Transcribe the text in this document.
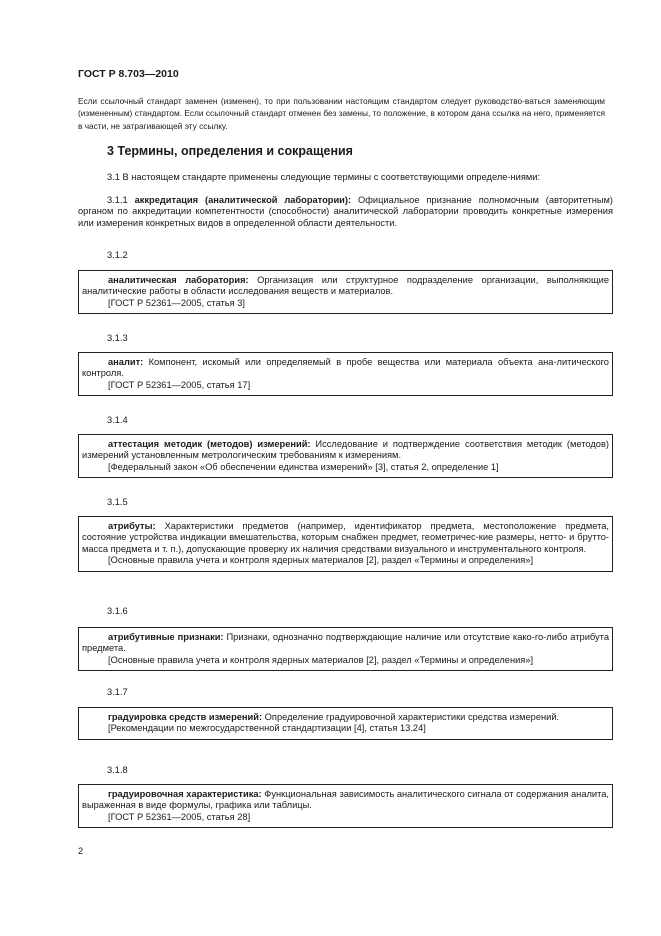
ГОСТ Р 8.703—2010
Если ссылочный стандарт заменен (изменен), то при пользовании настоящим стандартом следует руководство-ваться заменяющим (измененным) стандартом. Если ссылочный стандарт отменен без замены, то положение, в котором дана ссылка на него, применяется в части, не затрагивающей эту ссылку.
3 Термины, определения и сокращения
3.1 В настоящем стандарте применены следующие термины с соответствующими определе-ниями:
3.1.1 аккредитация (аналитической лаборатории): Официальное признание полномочным (авторитетным) органом по аккредитации компетентности (способности) аналитической лаборатории проводить конкретные измерения или измерения конкретных видов в определенной области деятельности.
3.1.2
аналитическая лаборатория: Организация или структурное подразделение организации, выполняющие аналитические работы в области исследования веществ и материалов.
[ГОСТ Р 52361—2005, статья 3]
3.1.3
аналит: Компонент, искомый или определяемый в пробе вещества или материала объекта ана-литического контроля.
[ГОСТ Р 52361—2005, статья 17]
3.1.4
аттестация методик (методов) измерений: Исследование и подтверждение соответствия методик (методов) измерений установленным метрологическим требованиям к измерениям.
[Федеральный закон «Об обеспечении единства измерений» [3], статья 2, определение 1]
3.1.5
атрибуты: Характеристики предметов (например, идентификатор предмета, местоположение предмета, состояние устройства индикации вмешательства, которым снабжен предмет, геометричес-кие размеры, нетто- и брутто-масса предмета и т. п.), допускающие проверку их наличия средствами визуального и инструментального контроля.
[Основные правила учета и контроля ядерных материалов [2], раздел «Термины и определения»]
3.1.6
атрибутивные признаки: Признаки, однозначно подтверждающие наличие или отсутствие како-го-либо атрибута предмета.
[Основные правила учета и контроля ядерных материалов [2], раздел «Термины и определения»]
3.1.7
градуировка средств измерений: Определение градуировочной характеристики средства измерений.
[Рекомендации по межгосударственной стандартизации [4], статья 13.24]
3.1.8
градуировочная характеристика: Функциональная зависимость аналитического сигнала от содержания аналита, выраженная в виде формулы, графика или таблицы.
[ГОСТ Р 52361—2005, статья 28]
2
